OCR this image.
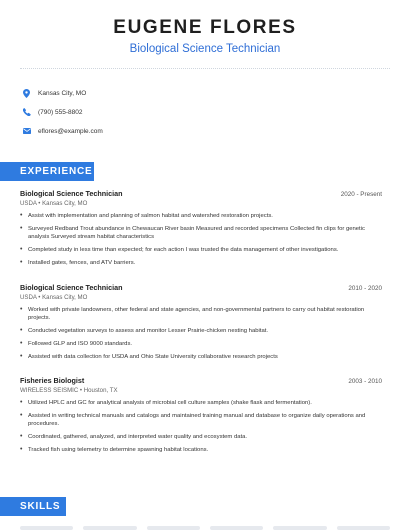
EUGENE FLORES
Biological Science Technician
Kansas City, MO
(790) 555-8802
eflores@example.com
EXPERIENCE
Biological Science Technician	2020 - Present
USDA • Kansas City, MO
• Assist with implementation and planning of salmon habitat and watershed restoration projects.
• Surveyed Redband Trout abundance in Chewaucan River basin Measured and recorded specimens Collected fin clips for genetic analysis Surveyed stream habitat characteristics
• Completed study in less time than expected; for each action I was trusted the data management of other investigations.
• Installed gates, fences, and ATV barriers.
Biological Science Technician	2010 - 2020
USDA • Kansas City, MO
• Worked with private landowners, other federal and state agencies, and non-governmental partners to carry out habitat restoration projects.
• Conducted vegetation surveys to assess and monitor Lesser Prairie-chicken nesting habitat.
• Followed GLP and ISO 9000 standards.
• Assisted with data collection for USDA and Ohio State University collaborative research projects
Fisheries Biologist	2003 - 2010
WIRELESS SEISMIC • Houston, TX
• Utilized HPLC and GC for analytical analysis of microbial cell culture samples (shake flask and fermentation).
• Assisted in writing technical manuals and catalogs and maintained training manual and database to organize daily operations and procedures.
• Coordinated, gathered, analyzed, and interpreted water quality and ecosystem data.
• Tracked fish using telemetry to determine spawning habitat locations.
SKILLS
